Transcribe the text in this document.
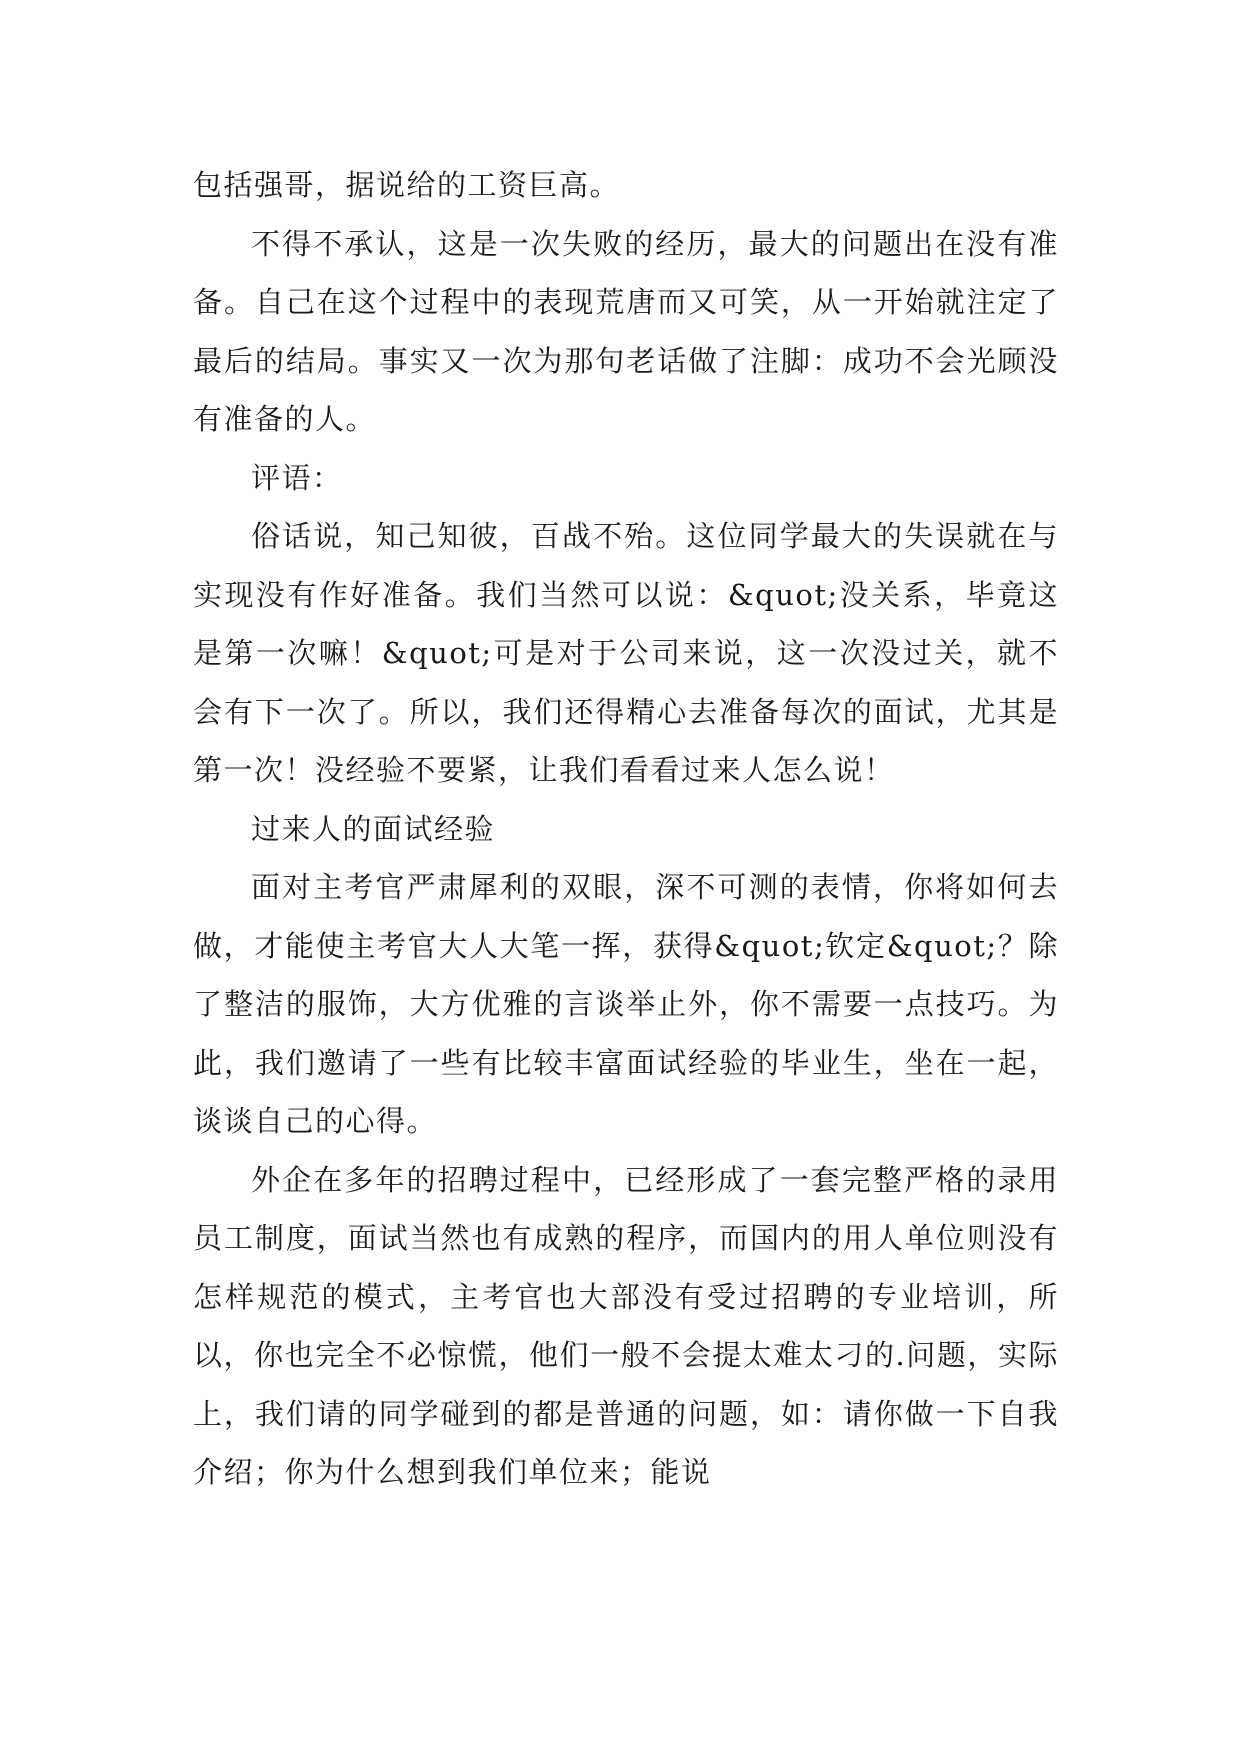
包括强哥，据说给的工资巨高。

不得不承认，这是一次失败的经历，最大的问题出在没有准备。自己在这个过程中的表现荒唐而又可笑，从一开始就注定了最后的结局。事实又一次为那句老话做了注脚：成功不会光顾没有准备的人。

评语：

俗话说，知己知彼，百战不殆。这位同学最大的失误就在与实现没有作好准备。我们当然可以说：&quot;没关系，毕竟这是第一次嘛！&quot;可是对于公司来说，这一次没过关，就不会有下一次了。所以，我们还得精心去准备每次的面试，尤其是第一次！没经验不要紧，让我们看看过来人怎么说！

过来人的面试经验

面对主考官严肃犀利的双眼，深不可测的表情，你将如何去做，才能使主考官大人大笔一挥，获得&quot;钦定&quot;？除了整洁的服饰，大方优雅的言谈举止外，你不需要一点技巧。为此，我们邀请了一些有比较丰富面试经验的毕业生，坐在一起，谈谈自己的心得。

外企在多年的招聘过程中，已经形成了一套完整严格的录用员工制度，面试当然也有成熟的程序，而国内的用人单位则没有怎样规范的模式，主考官也大部没有受过招聘的专业培训，所以，你也完全不必惊慌，他们一般不会提太难太刁的.问题，实际上，我们请的同学碰到的都是普通的问题，如：请你做一下自我介绍；你为什么想到我们单位来；能说
